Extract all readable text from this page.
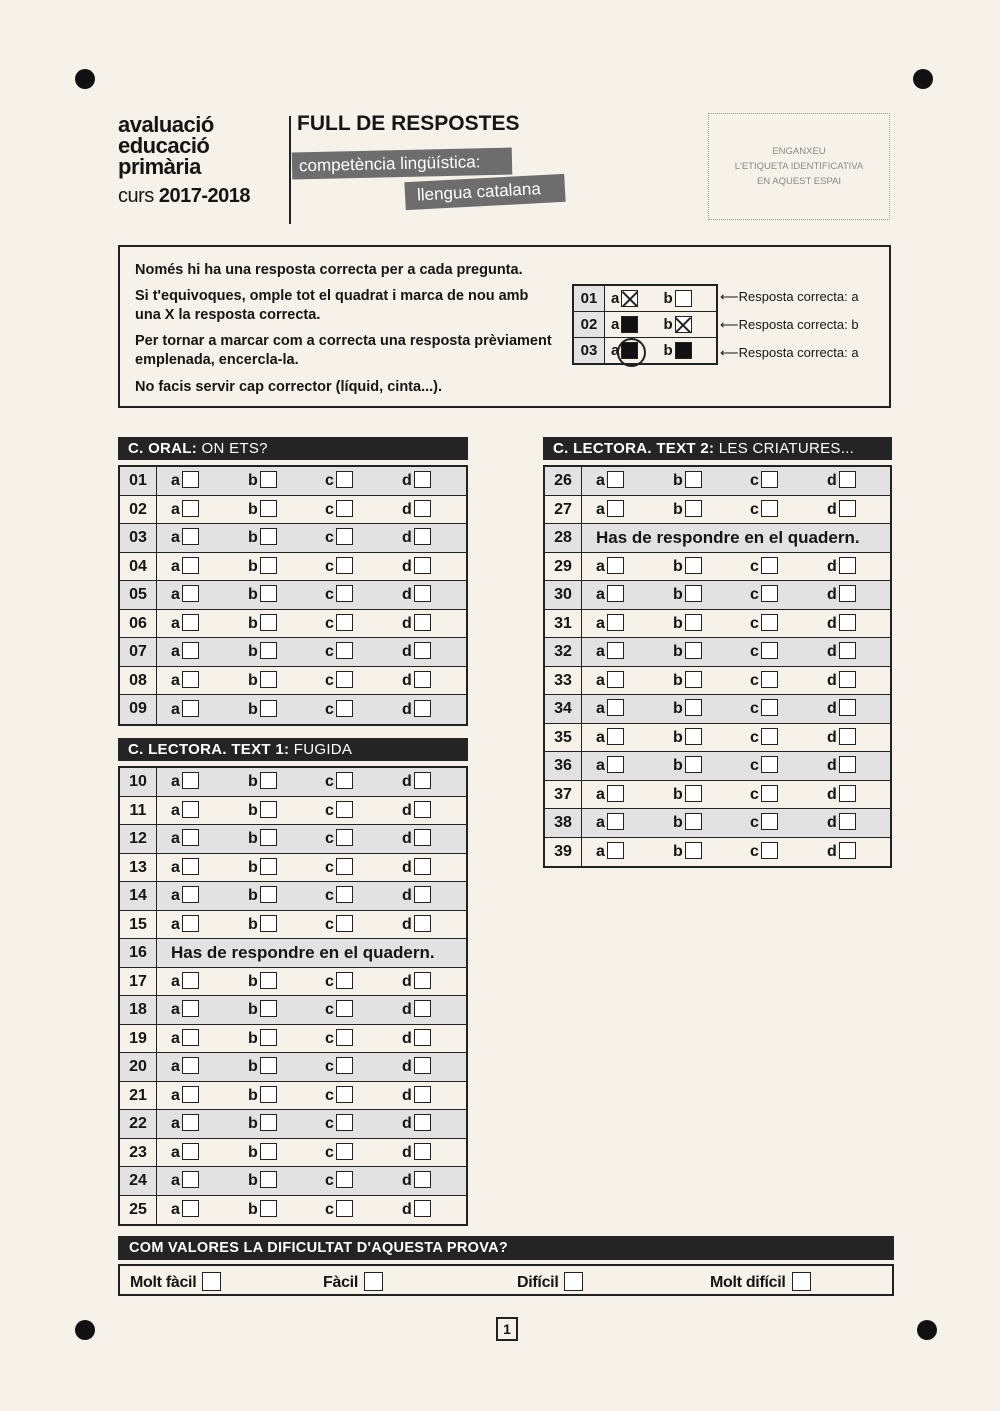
avaluació
educació
primària
curs 2017-2018
FULL DE RESPOSTES
competència lingüística:
llengua catalana
ENGANXEU
L'ETIQUETA IDENTIFICATIVA
EN AQUEST ESPAI

Només hi ha una resposta correcta per a cada pregunta.

Si t'equivoques, omple tot el quadrat i marca de nou amb una X la resposta correcta.

Per tornar a marcar com a correcta una resposta prèviament emplenada, encercla-la.

No facis servir cap corrector (líquid, cinta...).

01	a b
02	a b
03	a b
⟵Resposta correcta: a
⟵Resposta correcta: b
⟵Resposta correcta: a
C. ORAL: ON ETS?
01	a	b	c	d
02	a	b	c	d
03	a	b	c	d
04	a	b	c	d
05	a	b	c	d
06	a	b	c	d
07	a	b	c	d
08	a	b	c	d
09	a	b	c	d
C. LECTORA. TEXT 1: FUGIDA
10	a	b	c	d
11	a	b	c	d
12	a	b	c	d
13	a	b	c	d
14	a	b	c	d
15	a	b	c	d
16	Has de respondre en el quadern.
17	a	b	c	d
18	a	b	c	d
19	a	b	c	d
20	a	b	c	d
21	a	b	c	d
22	a	b	c	d
23	a	b	c	d
24	a	b	c	d
25	a	b	c	d
C. LECTORA. TEXT 2: LES CRIATURES...
26	a	b	c	d
27	a	b	c	d
28	Has de respondre en el quadern.
29	a	b	c	d
30	a	b	c	d
31	a	b	c	d
32	a	b	c	d
33	a	b	c	d
34	a	b	c	d
35	a	b	c	d
36	a	b	c	d
37	a	b	c	d
38	a	b	c	d
39	a	b	c	d
COM VALORES LA DIFICULTAT D'AQUESTA PROVA?
Molt fàcil	Fàcil	Difícil	Molt difícil
1
